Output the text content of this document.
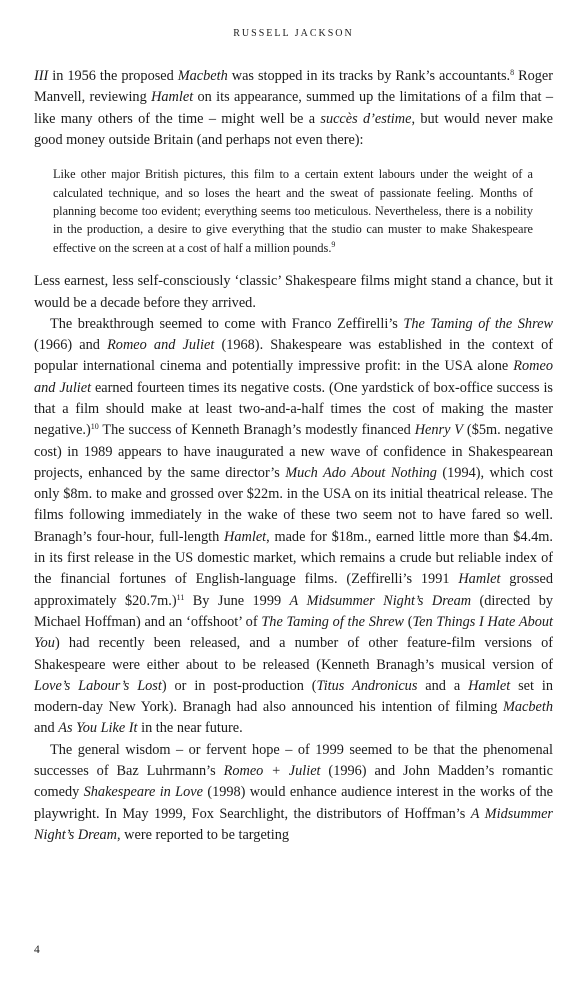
RUSSELL JACKSON

III in 1956 the proposed Macbeth was stopped in its tracks by Rank’s accountants.$^8$ Roger Manvell, reviewing Hamlet on its appearance, summed up the limitations of a film that – like many others of the time – might well be a succès d’estime, but would never make good money outside Britain (and perhaps not even there):

Like other major British pictures, this film to a certain extent labours under the weight of a calculated technique, and so loses the heart and the sweat of passionate feeling. Months of planning become too evident; everything seems too meticulous. Nevertheless, there is a nobility in the production, a desire to give everything that the studio can muster to make Shakespeare effective on the screen at a cost of half a million pounds.$^9$

Less earnest, less self-consciously ‘classic’ Shakespeare films might stand a chance, but it would be a decade before they arrived.

The breakthrough seemed to come with Franco Zeffirelli’s The Taming of the Shrew (1966) and Romeo and Juliet (1968). Shakespeare was established in the context of popular international cinema and potentially impressive profit: in the USA alone Romeo and Juliet earned fourteen times its negative costs. (One yardstick of box-office success is that a film should make at least two-and-a-half times the cost of making the master negative.)$^{10}$ The success of Kenneth Branagh’s modestly financed Henry V ($5m. negative cost) in 1989 appears to have inaugurated a new wave of confidence in Shakespearean projects, enhanced by the same director’s Much Ado About Nothing (1994), which cost only $8m. to make and grossed over $22m. in the USA on its initial theatrical release. The films following immediately in the wake of these two seem not to have fared so well. Branagh’s four-hour, full-length Hamlet, made for $18m., earned little more than $4.4m. in its first release in the US domestic market, which remains a crude but reliable index of the financial fortunes of English-language films. (Zeffirelli’s 1991 Hamlet grossed approximately $20.7m.)$^{11}$ By June 1999 A Midsummer Night’s Dream (directed by Michael Hoffman) and an ‘offshoot’ of The Taming of the Shrew (Ten Things I Hate About You) had recently been released, and a number of other feature-film versions of Shakespeare were either about to be released (Kenneth Branagh’s musical version of Love’s Labour’s Lost) or in post-production (Titus Andronicus and a Hamlet set in modern-day New York). Branagh had also announced his intention of filming Macbeth and As You Like It in the near future.

The general wisdom – or fervent hope – of 1999 seemed to be that the phenomenal successes of Baz Luhrmann’s Romeo + Juliet (1996) and John Madden’s romantic comedy Shakespeare in Love (1998) would enhance audience interest in the works of the playwright. In May 1999, Fox Searchlight, the distributors of Hoffman’s A Midsummer Night’s Dream, were reported to be targeting

4
